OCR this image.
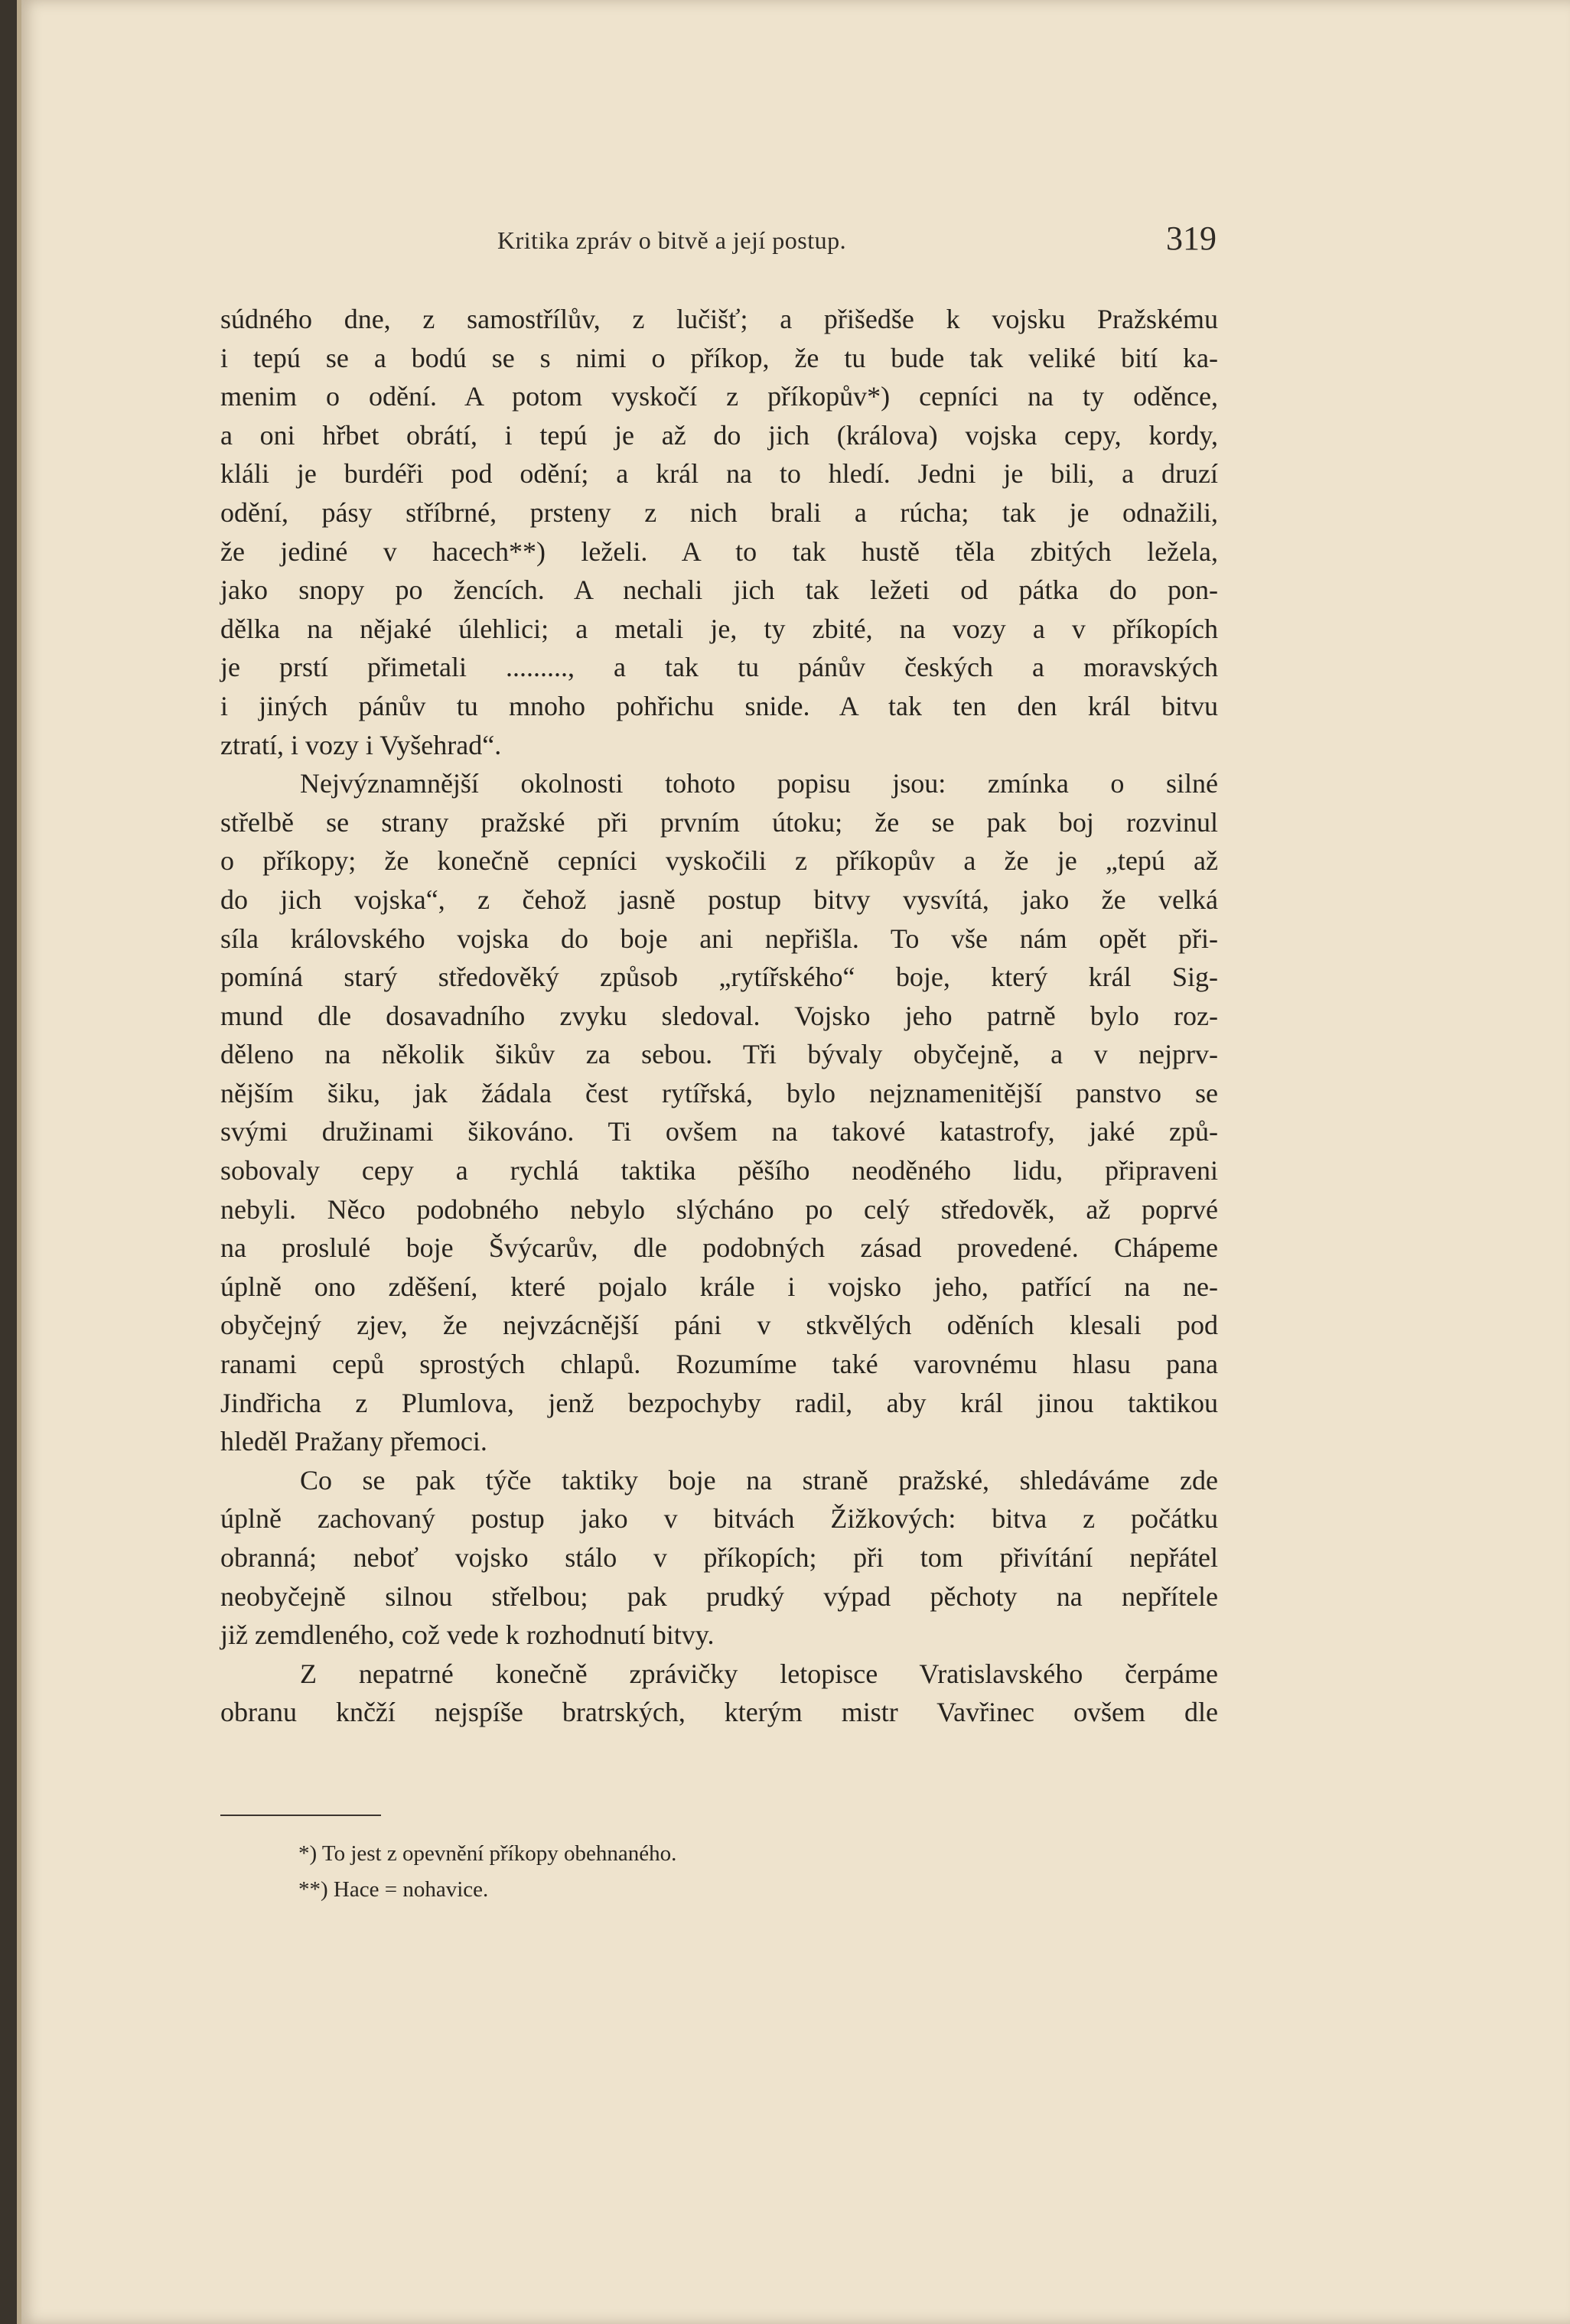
Kritika zpráv o bitvě a její postup.	319
súdného dne, z samostřílův, z lučišť; a přišedše k vojsku Pražskému
i tepú se a bodú se s nimi o příkop, že tu bude tak veliké bití ka-
menim o odění. A potom vyskočí z příkopův*) cepníci na ty oděnce,
a oni hřbet obrátí, i tepú je až do jich (králova) vojska cepy, kordy,
kláli je burdéři pod odění; a král na to hledí. Jedni je bili, a druzí
odění, pásy stříbrné, prsteny z nich brali a rúcha; tak je odnažili,
že jediné v hacech**) leželi. A to tak hustě těla zbitých ležela,
jako snopy po žencích. A nechali jich tak ležeti od pátka do pon-
dělka na nějaké úlehlici; a metali je, ty zbité, na vozy a v příkopích
je prstí přimetali ........., a tak tu pánův českých a moravských
i jiných pánův tu mnoho pohřichu snide. A tak ten den král bitvu
ztratí, i vozy i Vyšehrad“.
Nejvýznamnější okolnosti tohoto popisu jsou: zmínka o silné
střelbě se strany pražské při prvním útoku; že se pak boj rozvinul
o příkopy; že konečně cepníci vyskočili z příkopův a že je „tepú až
do jich vojska“, z čehož jasně postup bitvy vysvítá, jako že velká
síla královského vojska do boje ani nepřišla. To vše nám opět při-
pomíná starý středověký způsob „rytířského“ boje, který král Sig-
mund dle dosavadního zvyku sledoval. Vojsko jeho patrně bylo roz-
děleno na několik šikův za sebou. Tři bývaly obyčejně, a v nejprv-
nějším šiku, jak žádala čest rytířská, bylo nejznamenitější panstvo se
svými družinami šikováno. Ti ovšem na takové katastrofy, jaké způ-
sobovaly cepy a rychlá taktika pěšího neoděného lidu, připraveni
nebyli. Něco podobného nebylo slýcháno po celý středověk, až poprvé
na proslulé boje Švýcarův, dle podobných zásad provedené. Chápeme
úplně ono zděšení, které pojalo krále i vojsko jeho, patřící na ne-
obyčejný zjev, že nejvzácnější páni v stkvělých oděních klesali pod
ranami cepů sprostých chlapů. Rozumíme také varovnému hlasu pana
Jindřicha z Plumlova, jenž bezpochyby radil, aby král jinou taktikou
hleděl Pražany přemoci.
Co se pak týče taktiky boje na straně pražské, shledáváme zde
úplně zachovaný postup jako v bitvách Žižkových: bitva z počátku
obranná; neboť vojsko stálo v příkopích; při tom přivítání nepřátel
neobyčejně silnou střelbou; pak prudký výpad pěchoty na nepřítele
již zemdleného, což vede k rozhodnutí bitvy.
Z nepatrné konečně zprávičky letopisce Vratislavského čerpáme
obranu knčží nejspíše bratrských, kterým mistr Vavřinec ovšem dle
*) To jest z opevnění příkopy obehnaného.
**) Hace = nohavice.
